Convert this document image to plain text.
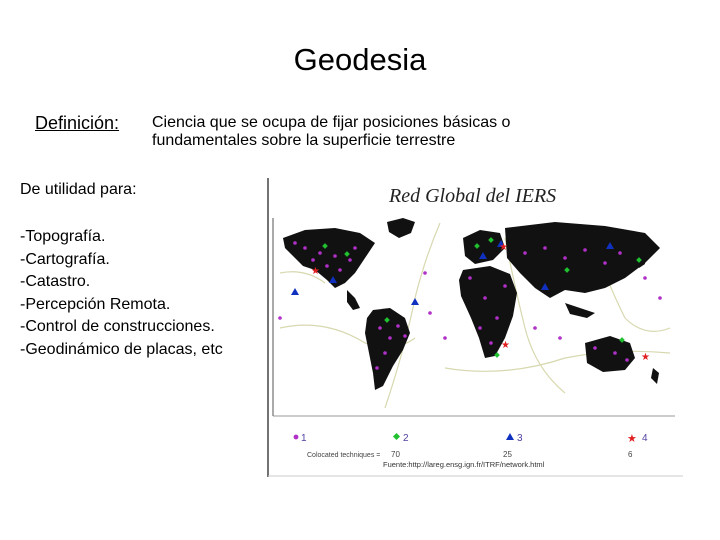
Geodesia
Definición: Ciencia que se ocupa de fijar posiciones básicas o fundamentales sobre la superficie terrestre
De utilidad para:
-Topografía.
-Cartografía.
-Catastro.
-Percepción Remota.
-Control de construcciones.
-Geodinámico de placas, etc
Red Global del IERS
★
★
★
★
1	2	3	★ 4
Colocated techniques = 70	25	6
Fuente:http://lareg.ensg.ign.fr/ITRF/network.html
